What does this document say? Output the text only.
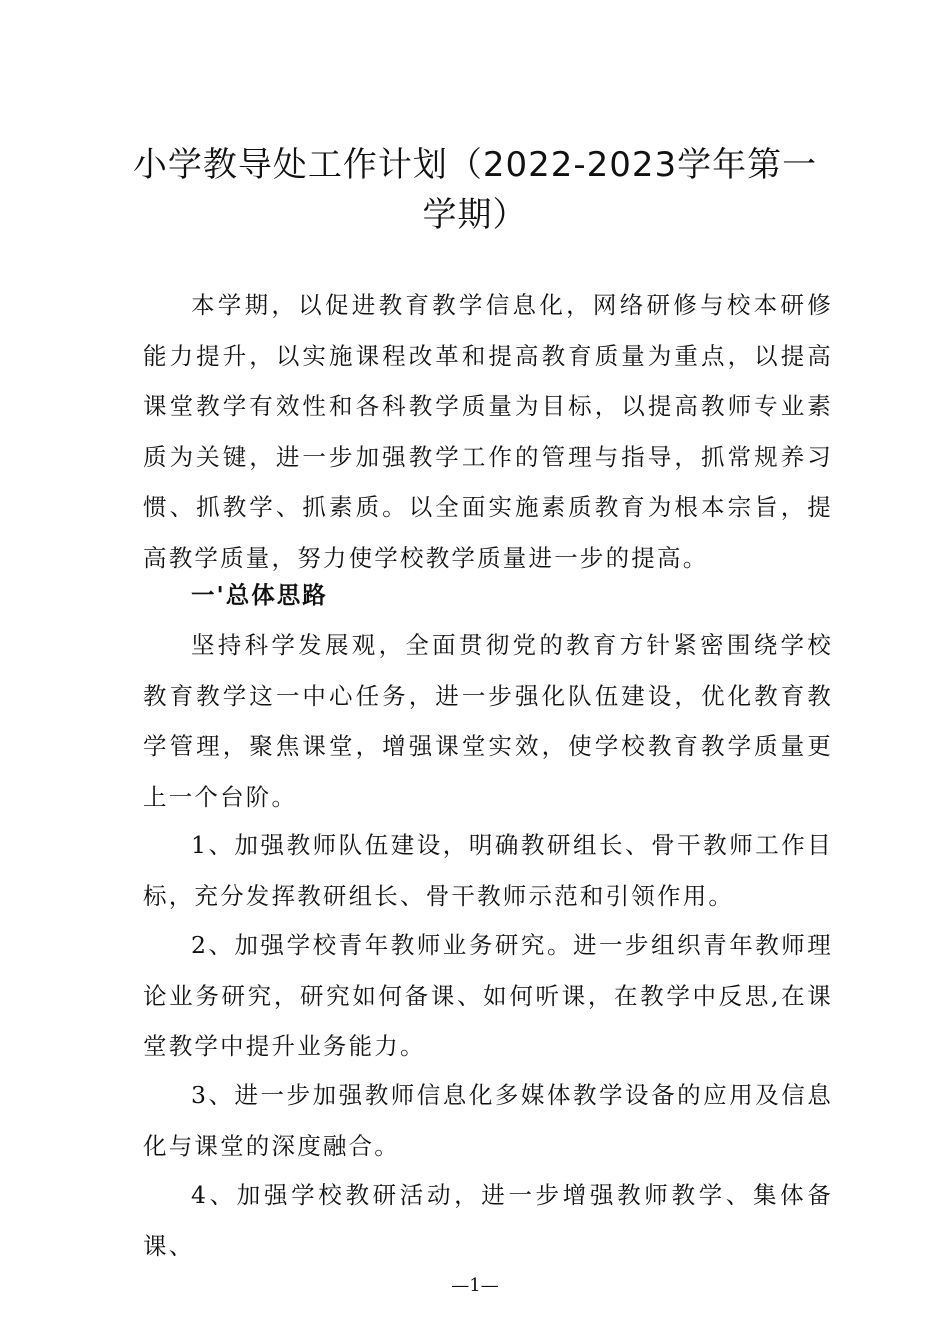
小学教导处工作计划（2022-2023学年第一学期）

本学期，以促进教育教学信息化，网络研修与校本研修能力提升，以实施课程改革和提高教育质量为重点，以提高课堂教学有效性和各科教学质量为目标，以提高教师专业素质为关键，进一步加强教学工作的管理与指导，抓常规养习惯、抓教学、抓素质。以全面实施素质教育为根本宗旨，提高教学质量，努力使学校教学质量进一步的提高。

一'总体思路

坚持科学发展观，全面贯彻党的教育方针紧密围绕学校教育教学这一中心任务，进一步强化队伍建设，优化教育教学管理，聚焦课堂，增强课堂实效，使学校教育教学质量更上一个台阶。

1、加强教师队伍建设，明确教研组长、骨干教师工作目标，充分发挥教研组长、骨干教师示范和引领作用。

2、加强学校青年教师业务研究。进一步组织青年教师理论业务研究，研究如何备课、如何听课，在教学中反思,在课堂教学中提升业务能力。

3、进一步加强教师信息化多媒体教学设备的应用及信息化与课堂的深度融合。

4、加强学校教研活动，进一步增强教师教学、集体备课、

—1—
